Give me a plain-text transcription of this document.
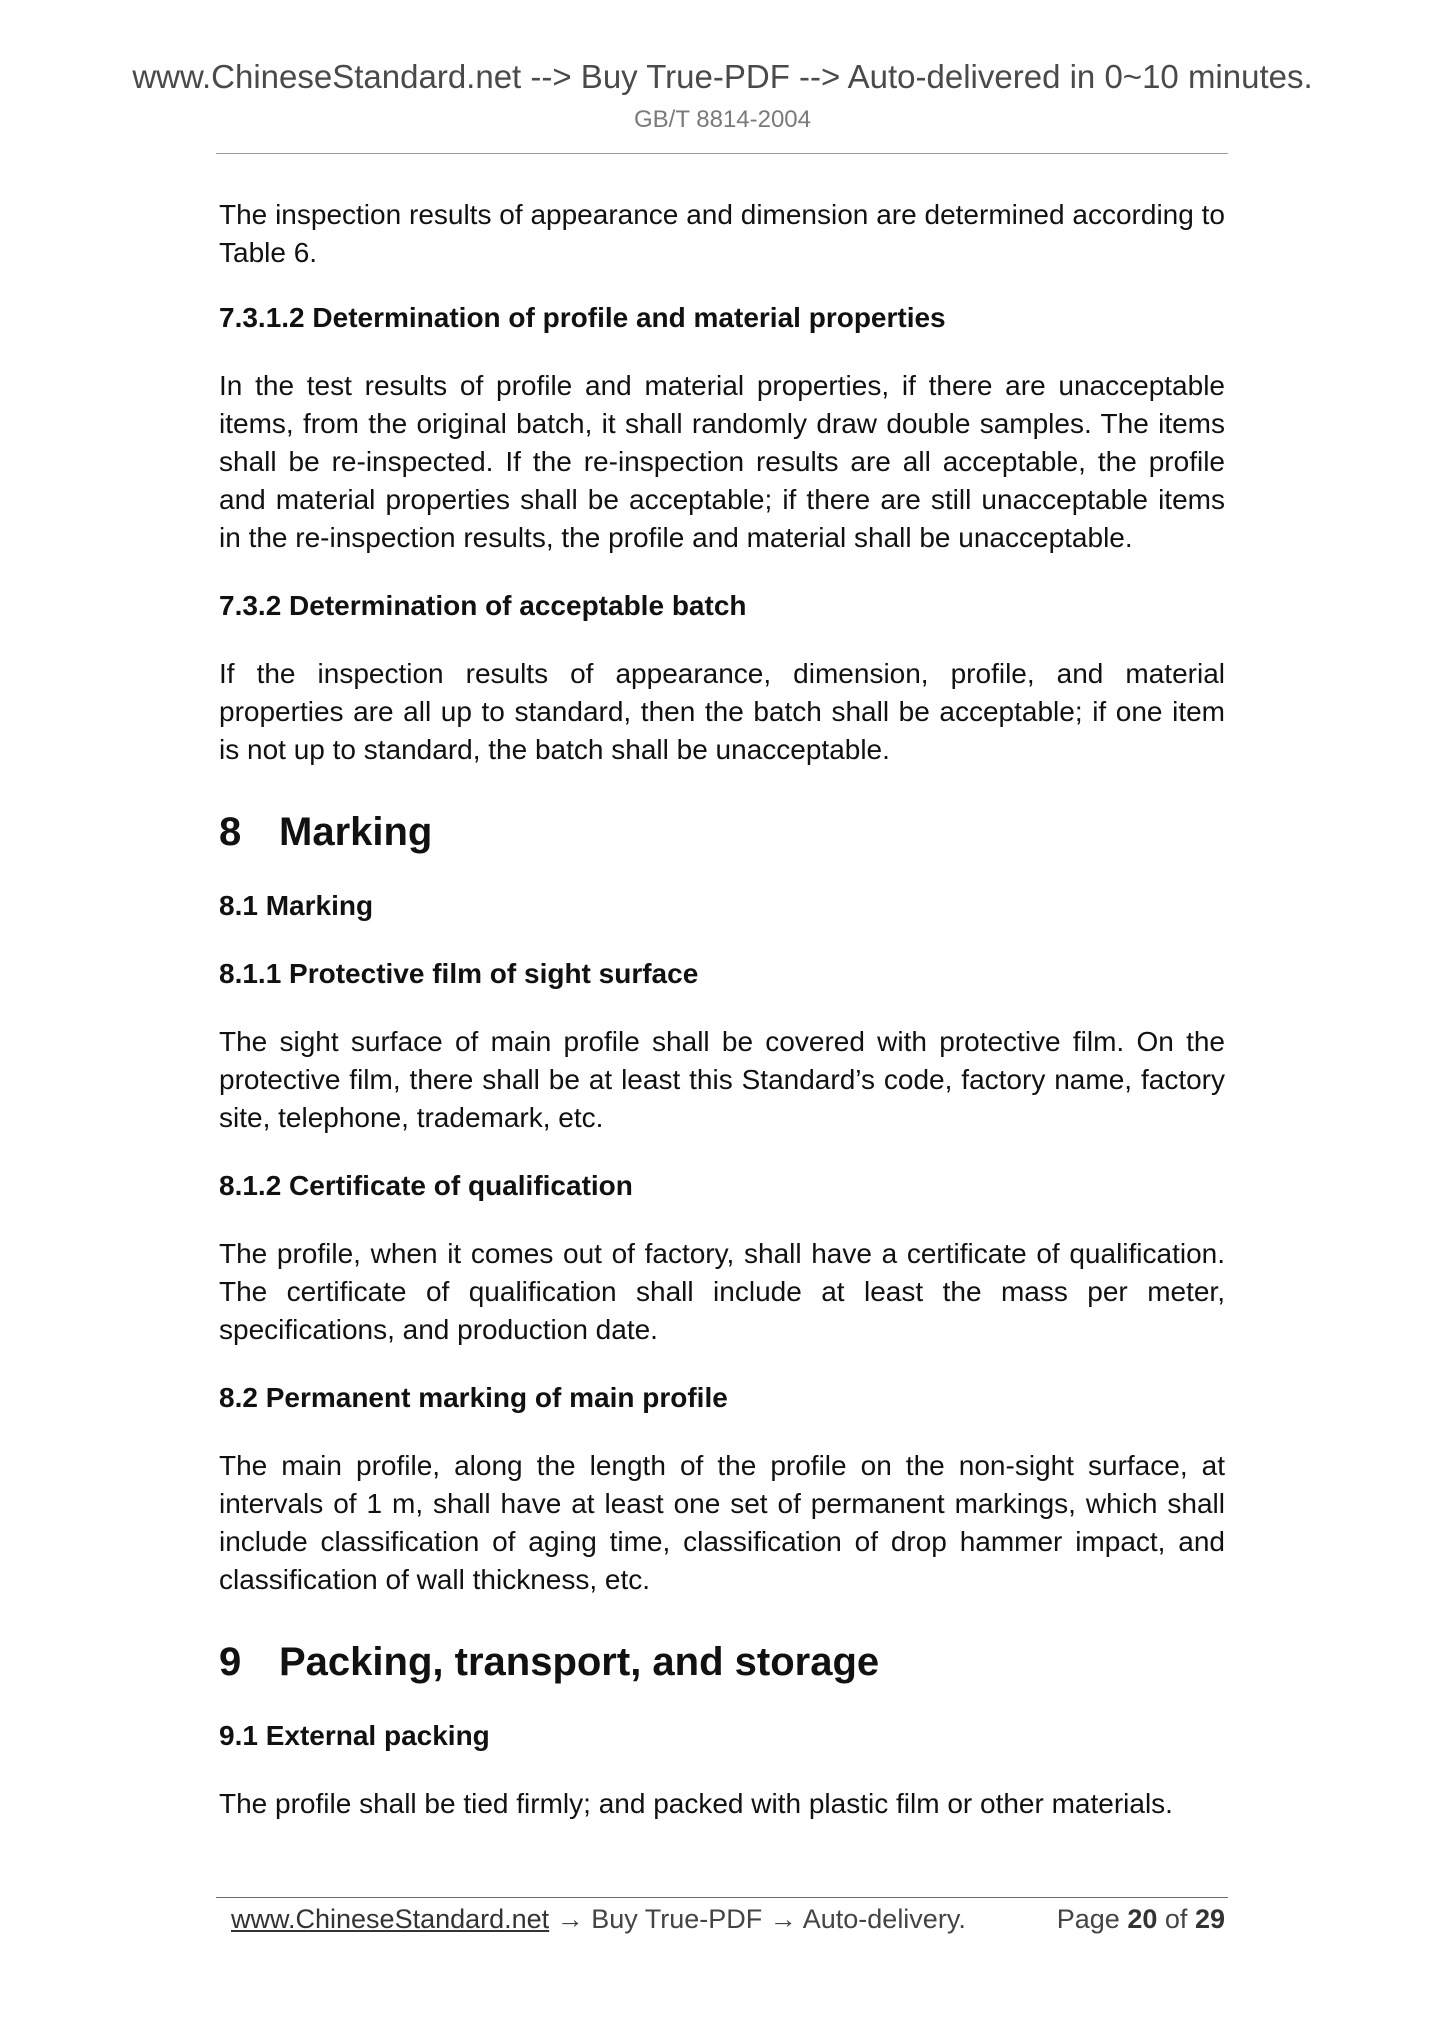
www.ChineseStandard.net --> Buy True-PDF --> Auto-delivered in 0~10 minutes.
GB/T 8814-2004

The inspection results of appearance and dimension are determined according to Table 6.

7.3.1.2 Determination of profile and material properties

In the test results of profile and material properties, if there are unacceptable items, from the original batch, it shall randomly draw double samples. The items shall be re-inspected. If the re-inspection results are all acceptable, the profile and material properties shall be acceptable; if there are still unacceptable items in the re-inspection results, the profile and material shall be unacceptable.

7.3.2 Determination of acceptable batch

If the inspection results of appearance, dimension, profile, and material properties are all up to standard, then the batch shall be acceptable; if one item is not up to standard, the batch shall be unacceptable.

8 Marking
8.1 Marking
8.1.1 Protective film of sight surface

The sight surface of main profile shall be covered with protective film. On the protective film, there shall be at least this Standard’s code, factory name, factory site, telephone, trademark, etc.

8.1.2 Certificate of qualification

The profile, when it comes out of factory, shall have a certificate of qualification. The certificate of qualification shall include at least the mass per meter, specifications, and production date.

8.2 Permanent marking of main profile

The main profile, along the length of the profile on the non-sight surface, at intervals of 1 m, shall have at least one set of permanent markings, which shall include classification of aging time, classification of drop hammer impact, and classification of wall thickness, etc.

9 Packing, transport, and storage
9.1 External packing

The profile shall be tied firmly; and packed with plastic film or other materials.

www.ChineseStandard.net → Buy True-PDF → Auto-delivery.	Page 20 of 29
